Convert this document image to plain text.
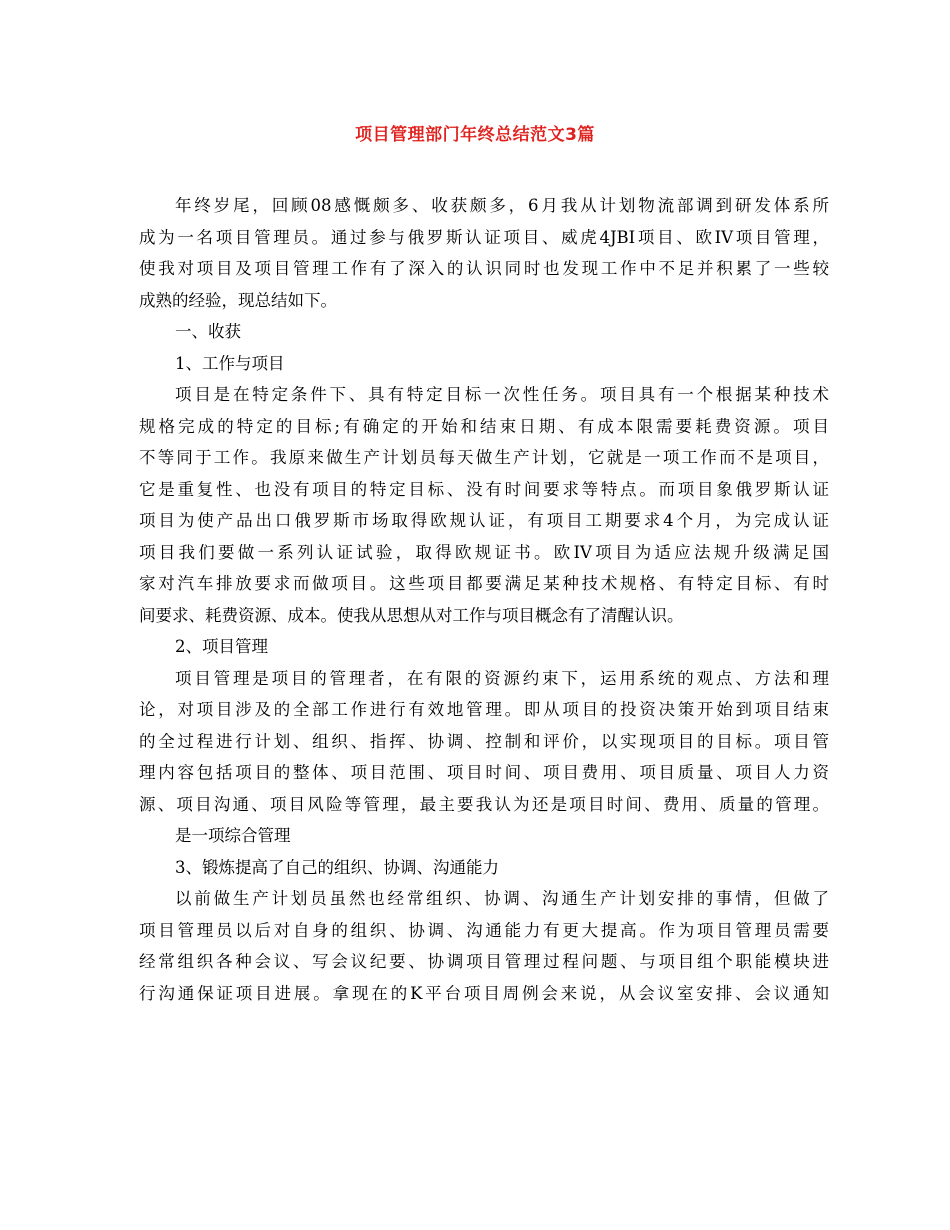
项目管理部门年终总结范文3篇
年终岁尾，回顾08感慨颇多、收获颇多，6月我从计划物流部调到研发体系所
成为一名项目管理员。通过参与俄罗斯认证项目、威虎4JBI项目、欧IV项目管理，
使我对项目及项目管理工作有了深入的认识同时也发现工作中不足并积累了一些较
成熟的经验，现总结如下。
一、收获
1、工作与项目
项目是在特定条件下、具有特定目标一次性任务。项目具有一个根据某种技术
规格完成的特定的目标;有确定的开始和结束日期、有成本限需要耗费资源。项目
不等同于工作。我原来做生产计划员每天做生产计划，它就是一项工作而不是项目，
它是重复性、也没有项目的特定目标、没有时间要求等特点。而项目象俄罗斯认证
项目为使产品出口俄罗斯市场取得欧规认证，有项目工期要求4个月，为完成认证
项目我们要做一系列认证试验，取得欧规证书。欧IV项目为适应法规升级满足国
家对汽车排放要求而做项目。这些项目都要满足某种技术规格、有特定目标、有时
间要求、耗费资源、成本。使我从思想从对工作与项目概念有了清醒认识。
2、项目管理
项目管理是项目的管理者，在有限的资源约束下，运用系统的观点、方法和理
论，对项目涉及的全部工作进行有效地管理。即从项目的投资决策开始到项目结束
的全过程进行计划、组织、指挥、协调、控制和评价，以实现项目的目标。项目管
理内容包括项目的整体、项目范围、项目时间、项目费用、项目质量、项目人力资
源、项目沟通、项目风险等管理，最主要我认为还是项目时间、费用、质量的管理。
是一项综合管理
3、锻炼提高了自己的组织、协调、沟通能力
以前做生产计划员虽然也经常组织、协调、沟通生产计划安排的事情，但做了
项目管理员以后对自身的组织、协调、沟通能力有更大提高。作为项目管理员需要
经常组织各种会议、写会议纪要、协调项目管理过程问题、与项目组个职能模块进
行沟通保证项目进展。拿现在的K平台项目周例会来说，从会议室安排、会议通知
